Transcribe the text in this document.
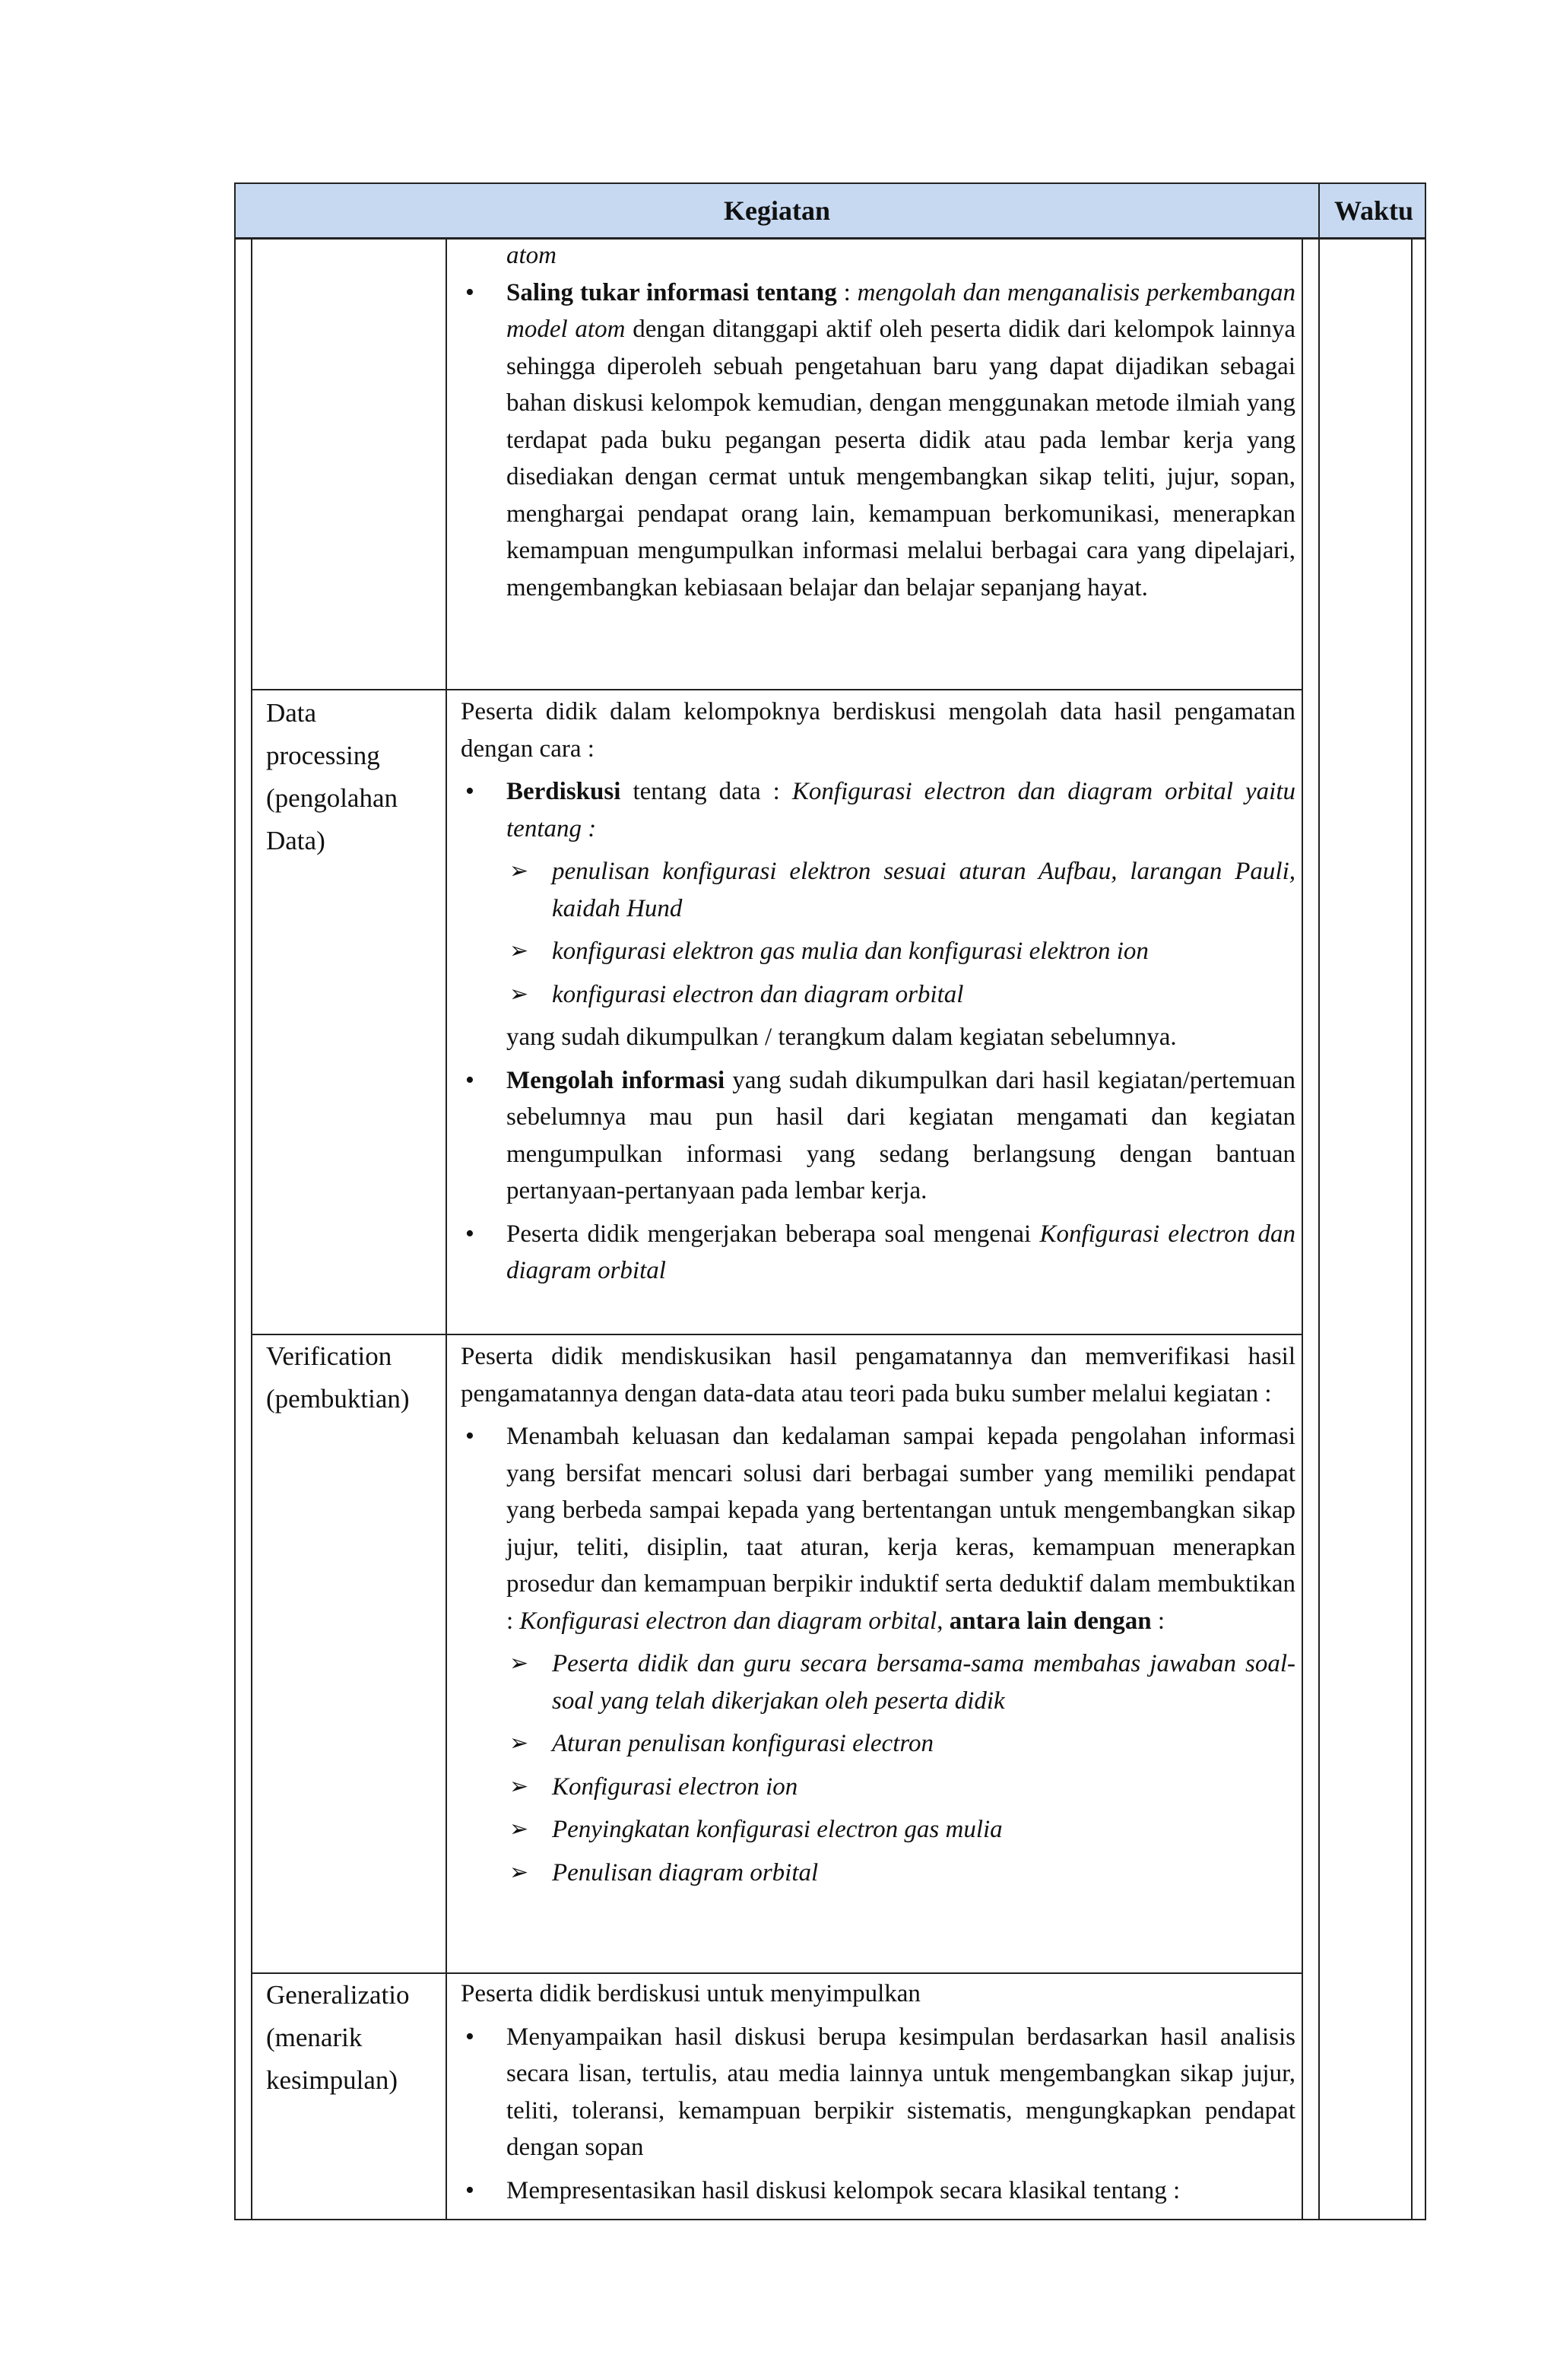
Kegiatan	Waktu

atom

• Saling tukar informasi tentang : mengolah dan menganalisis perkembangan model atom dengan ditanggapi aktif oleh peserta didik dari kelompok lainnya sehingga diperoleh sebuah pengetahuan baru yang dapat dijadikan sebagai bahan diskusi kelompok kemudian, dengan menggunakan metode ilmiah yang terdapat pada buku pegangan peserta didik atau pada lembar kerja yang disediakan dengan cermat untuk mengembangkan sikap teliti, jujur, sopan, menghargai pendapat orang lain, kemampuan berkomunikasi, menerapkan kemampuan mengumpulkan informasi melalui berbagai cara yang dipelajari, mengembangkan kebiasaan belajar dan belajar sepanjang hayat.

Data
processing
(pengolahan
Data)

Peserta didik dalam kelompoknya berdiskusi mengolah data hasil pengamatan dengan cara :

• Berdiskusi tentang data : Konfigurasi electron dan diagram orbital yaitu tentang :

➢ penulisan konfigurasi elektron sesuai aturan Aufbau, larangan Pauli, kaidah Hund

➢ konfigurasi elektron gas mulia dan konfigurasi elektron ion

➢ konfigurasi electron dan diagram orbital

yang sudah dikumpulkan / terangkum dalam kegiatan sebelumnya.

• Mengolah informasi yang sudah dikumpulkan dari hasil kegiatan/pertemuan sebelumnya mau pun hasil dari kegiatan mengamati dan kegiatan mengumpulkan informasi yang sedang berlangsung dengan bantuan pertanyaan-pertanyaan pada lembar kerja.

• Peserta didik mengerjakan beberapa soal mengenai Konfigurasi electron dan diagram orbital

Verification
(pembuktian)

Peserta didik mendiskusikan hasil pengamatannya dan memverifikasi hasil pengamatannya dengan data-data atau teori pada buku sumber melalui kegiatan :

• Menambah keluasan dan kedalaman sampai kepada pengolahan informasi yang bersifat mencari solusi dari berbagai sumber yang memiliki pendapat yang berbeda sampai kepada yang bertentangan untuk mengembangkan sikap jujur, teliti, disiplin, taat aturan, kerja keras, kemampuan menerapkan prosedur dan kemampuan berpikir induktif serta deduktif dalam membuktikan : Konfigurasi electron dan diagram orbital, antara lain dengan :

➢ Peserta didik dan guru secara bersama-sama membahas jawaban soal-soal yang telah dikerjakan oleh peserta didik

➢ Aturan penulisan konfigurasi electron

➢ Konfigurasi electron ion

➢ Penyingkatan konfigurasi electron gas mulia

➢ Penulisan diagram orbital

Generalizatio
(menarik
kesimpulan)

Peserta didik berdiskusi untuk menyimpulkan

• Menyampaikan hasil diskusi berupa kesimpulan berdasarkan hasil analisis secara lisan, tertulis, atau media lainnya untuk mengembangkan sikap jujur, teliti, toleransi, kemampuan berpikir sistematis, mengungkapkan pendapat dengan sopan

• Mempresentasikan hasil diskusi kelompok secara klasikal tentang :
